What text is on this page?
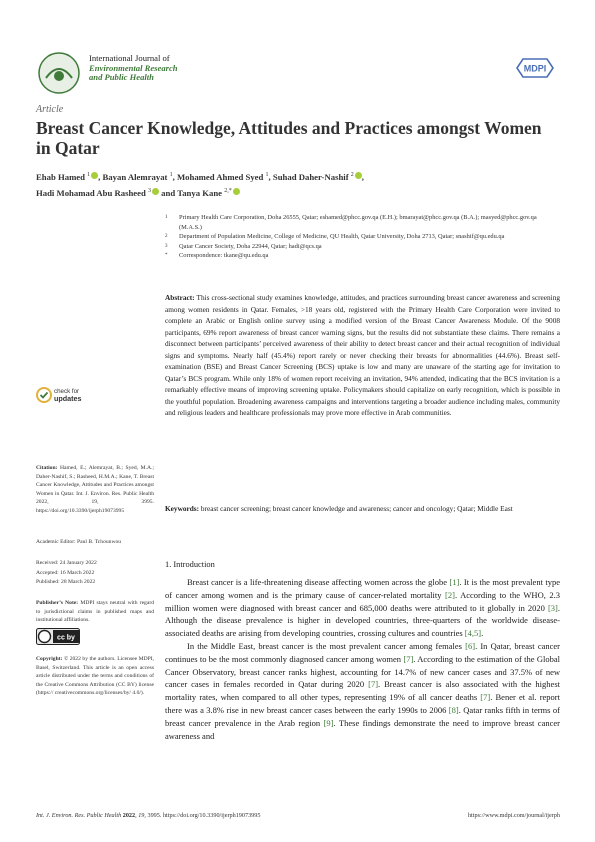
International Journal of
Environmental Research
and Public Health
MDPI
Article
Breast Cancer Knowledge, Attitudes and Practices amongst Women in Qatar
Ehab Hamed $^1$ , Bayan Alemrayat $^1$, Mohamed Ahmed Syed $^1$, Suhad Daher-Nashif $^2$ ,
Hadi Mohamad Abu Rasheed $^3$ and Tanya Kane $^{2,*}$
1	Primary Health Care Corporation, Doha 26555, Qatar; eshamed@phcc.gov.qa (E.H.); bmarayat@phcc.gov.qa (B.A.); masyed@phcc.gov.qa (M.A.S.)
2	Department of Population Medicine, College of Medicine, QU Health, Qatar University, Doha 2713, Qatar; snashif@qu.edu.qa
3	Qatar Cancer Society, Doha 22944, Qatar; hadi@qcs.qa
*	Correspondence: tkane@qu.edu.qa
Abstract: This cross-sectional study examines knowledge, attitudes, and practices surrounding breast cancer awareness and screening among women residents in Qatar. Females, >18 years old, registered with the Primary Health Care Corporation were invited to complete an Arabic or English online survey using a modified version of the Breast Cancer Awareness Module. Of the 9008 participants, 69% report awareness of breast cancer warning signs, but the results did not substantiate these claims. There remains a disconnect between participants’ perceived awareness of their ability to detect breast cancer and their actual recognition of individual signs and symptoms. Nearly half (45.4%) report rarely or never checking their breasts for abnormalities (44.6%). Breast self-examination (BSE) and Breast Cancer Screening (BCS) uptake is low and many are unaware of the starting age for invitation to Qatar’s BCS program. While only 18% of women report receiving an invitation, 94% attended, indicating that the BCS invitation is a remarkably effective means of improving screening uptake. Policymakers should capitalize on early recognition, which is possible in the youthful population. Broadening awareness campaigns and interventions targeting a broader audience including males, community and religious leaders and healthcare professionals may prove more effective in Arab communities.
Keywords: breast cancer screening; breast cancer knowledge and awareness; cancer and oncology; Qatar; Middle East
check for
updates
Citation: Hamed, E.; Alemrayat, B.; Syed, M.A.; Daher-Nashif, S.; Rasheed, H.M.A.; Kane, T. Breast Cancer Knowledge, Attitudes and Practices amongst Women in Qatar. Int. J. Environ. Res. Public Health 2022, 19, 3995. https://doi.org/10.3390/ijerph19073995
Academic Editor: Paul B. Tchounwou
Received: 24 January 2022
Accepted: 16 March 2022
Published: 28 March 2022
Publisher’s Note: MDPI stays neutral with regard to jurisdictional claims in published maps and institutional affiliations.
cc by
Copyright: © 2022 by the authors. Licensee MDPI, Basel, Switzerland. This article is an open access article distributed under the terms and conditions of the Creative Commons Attribution (CC BY) license (https:// creativecommons.org/licenses/by/ 4.0/).
1. Introduction

Breast cancer is a life-threatening disease affecting women across the globe [1]. It is the most prevalent type of cancer among women and is the primary cause of cancer-related mortality [2]. According to the WHO, 2.3 million women were diagnosed with breast cancer and 685,000 deaths were attributed to it globally in 2020 [3]. Although the disease prevalence is higher in developed countries, three-quarters of the worldwide disease-associated deaths are arising from developing countries, crossing cultures and countries [4,5].

In the Middle East, breast cancer is the most prevalent cancer among females [6]. In Qatar, breast cancer continues to be the most commonly diagnosed cancer among women [7]. According to the estimation of the Global Cancer Observatory, breast cancer ranks highest, accounting for 14.7% of new cancer cases and 37.5% of new cancer cases in females recorded in Qatar during 2020 [7]. Breast cancer is also associated with the highest mortality rates, when compared to all other types, representing 19% of all cancer deaths [7]. Bener et al. report there was a 3.8% rise in new breast cancer cases between the early 1990s to 2006 [8]. Qatar ranks fifth in terms of breast cancer prevalence in the Arab region [9]. These findings demonstrate the need to improve breast cancer awareness and

Int. J. Environ. Res. Public Health 2022, 19, 3995. https://doi.org/10.3390/ijerph19073995	https://www.mdpi.com/journal/ijerph
